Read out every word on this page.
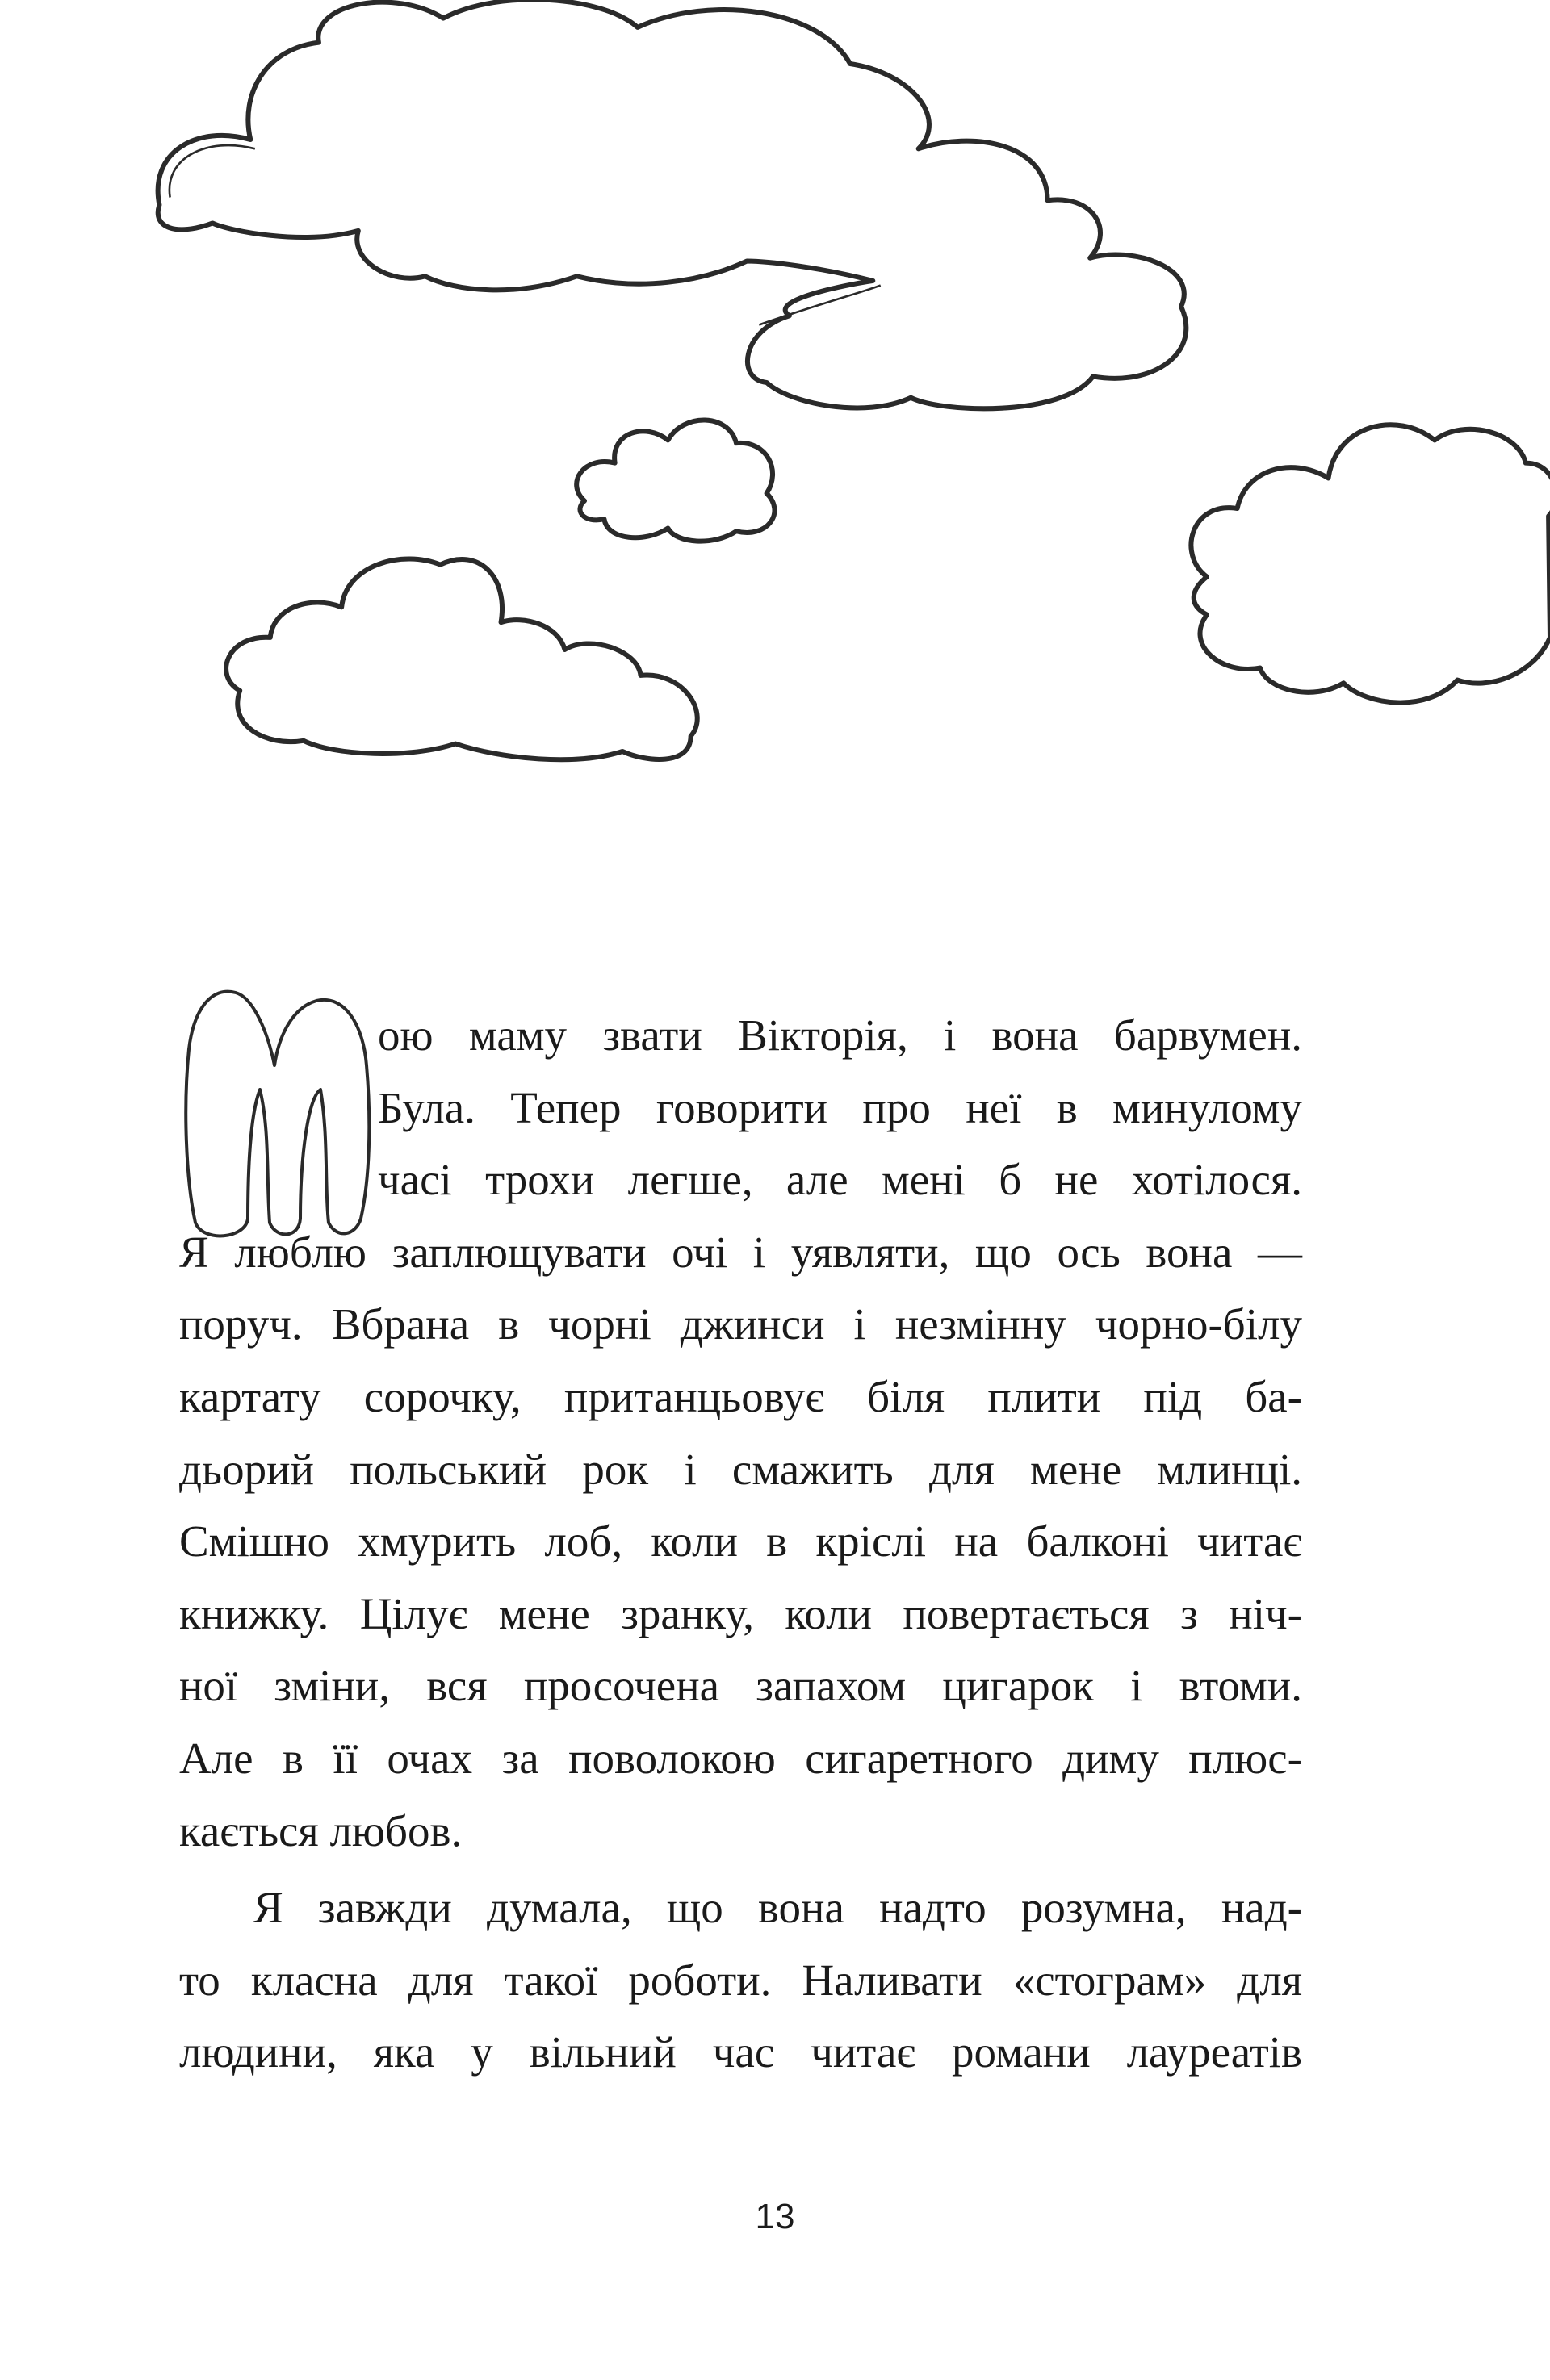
ою маму звати Вікторія, і вона барвумен.
Була. Тепер говорити про неї в минулому
часі трохи легше, але мені б не хотілося.
Я люблю заплющувати очі і уявляти, що ось вона —
поруч. Вбрана в чорні джинси і незмінну чорно-білу
картату сорочку, пританцьовує біля плити під ба-
дьорий польський рок і смажить для мене млинці.
Смішно хмурить лоб, коли в кріслі на балконі читає
книжку. Цілує мене зранку, коли повертається з ніч-
ної зміни, вся просочена запахом цигарок і втоми.
Але в її очах за поволокою сигаретного диму плюс-
кається любов.
Я завжди думала, що вона надто розумна, над-
то класна для такої роботи. Наливати «стограм» для
людини, яка у вільний час читає романи лауреатів
13
